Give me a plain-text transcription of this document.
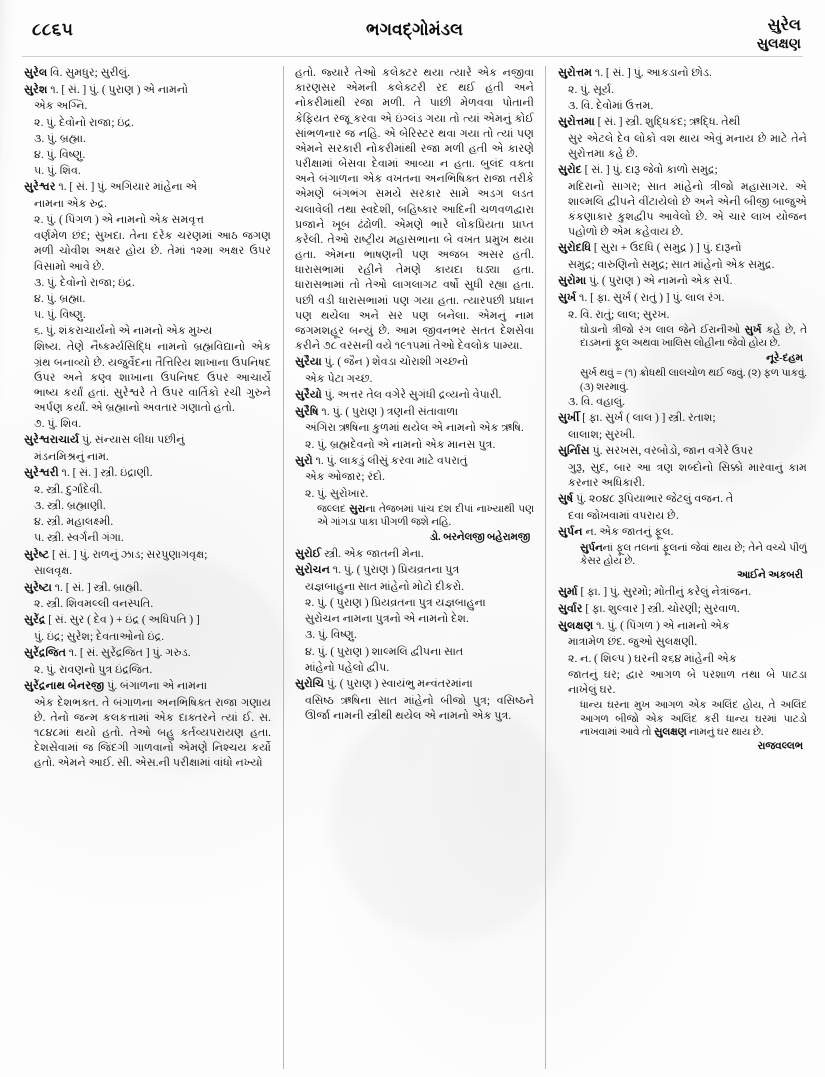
૮૮૬૫	ભગવદ્ગોમંડલ	સુરેલ
સુલક્ષણ

સુરેલ વિ. સુમધુર; સુરીલું.

સુરેશ ૧. [ સં. ] પું. ( પુરાણ ) એ નામનો

એક અગ્નિ.

૨. પું. દેવોનો રાજા; ઇંદ્ર.

૩. પું. બ્રહ્મા.

૪. પું. વિષ્ણુ.

૫. પું. શિવ.

સુરેશ્વર ૧. [ સં. ] પું. અગિયાર માંહેના એ

નામના એક રુદ્ર.

૨. પું. ( પિંગળ ) એ નામનો એક સમવૃત્ત

વર્ણમેળ છંદ; સુખદા. તેના દરેક ચરણમાં આઠ જગણ મળી ચોવીશ અક્ષર હોય છે. તેમાં ૧૨મા અક્ષર ઉપર વિસામો આવે છે.

૩. પું. દેવોનો રાજા; ઇંદ્ર.

૪. પું. બ્રહ્મા.

૫. પું. વિષ્ણુ.

૬. પું. શંકરાચાર્યનો એ નામનો એક મુખ્ય

શિષ્ય. તેણે નૈષ્કર્મ્યસિદ્ધિ નામનો બ્રહ્મવિદ્યાનો એક ગ્રંથ બનાવ્યો છે. યજુર્વેદના તૈત્તિરિય શાખાના ઉપનિષદ ઉપર અને કણ્વ શાખાના ઉપનિષદ ઉપર આચાર્યે ભાષ્ય કર્યાં હતાં. સુરેશ્વરે તે ઉપર વાર્તિકો રચી ગુરુને અર્પણ કર્યાં. એ બ્રહ્માનો અવતાર ગણાતો હતો.

૭. પું. શિવ.

સુરેશ્વરાચાર્ય પું. સંન્યાસ લીધા પછીનું

મંડનમિશ્રનું નામ.

સુરેશ્વરી ૧. [ સં. ] સ્ત્રી. ઇંદ્રાણી.

૨. સ્ત્રી. દુર્ગાદેવી.

૩. સ્ત્રી. બ્રહ્માણી.

૪. સ્ત્રી. મહાલક્ષ્મી.

૫. સ્ત્રી. સ્વર્ગની ગંગા.

સુરેષ્ટ [ સં. ] પું. રાળનું ઝાડ; સરપુણાગવૃક્ષ;

સાલવૃક્ષ.

સુરેષ્ટા ૧. [ સં. ] સ્ત્રી. બ્રાહ્મી.

૨. સ્ત્રી. શિવમલ્લી વનસ્પતિ.

સુરેંદ્ર [ સં. સુર ( દેવ ) + ઇંદ્ર ( અધિપતિ ) ]

પું. ઇંદ્ર; સુરેશ; દેવતાઓનો ઇંદ્ર.

સુરેંદ્રજિત ૧. [ સં. સુરેંદ્રજિત ] પું. ગરુડ.

૨. પું. રાવણનો પુત્ર ઇંદ્રજિત.

સુરેંદ્રનાથ બેનરજી પું. બંગાળના એ નામના

એક દેશભક્ત. તે બંગાળના અનભિષિક્ત રાજા ગણાય છે. તેનો જન્મ કલકત્તામાં એક દાક્તરને ત્યાં ઈ. સ. ૧૮૪૮માં થયો હતો. તેઓ બહુ કર્તવ્યપરાયણ હતા. દેશસેવામાં જ જિંદગી ગાળવાનો એમણે નિશ્ચય કર્યો હતો. એમને આઈ. સી. એસ.ની પરીક્ષામાં વાંધો નખ્યો

હતો. જ્યારે તેઓ કલેક્ટર થયા ત્યારે એક નજીવા કારણસર એમની કલેક્ટરી રદ થઈ હતી અને નોકરીમાંથી રજા મળી. તે પાછી મેળવવા પોતાની કેફિયત રજૂ કરવા એ ઇંગ્લંડ ગયા તો ત્યાં એમનું કોઈ સાંભળનાર જ નહિ. એ બેરિસ્ટર થવા ગયા તો ત્યાં પણ એમને સરકારી નોકરીમાંથી રજા મળી હતી એ કારણે પરીક્ષામાં બેસવા દેવામાં આવ્યા ન હતા. બુલંદ વક્તા અને બંગાળના એક વખતના અનભિષિક્ત રાજા તરીકે એમણે બંગભંગ સમયે સરકાર સામે અડગ લડત ચલાવેલી તથા સ્વદેશી, બહિષ્કાર આદિની ચળવળદ્વારા પ્રજાને ખૂબ ઢંઢોળી. એમણે ભારે લોકપ્રિયતા પ્રાપ્ત કરેલી. તેઓ રાષ્ટ્રીય મહાસભાના બે વખત પ્રમુખ થયા હતા. એમના ભાષણની પણ અજબ અસર હતી. ધારાસભામાં રહીને તેમણે કાયદા ઘડ્યા હતા. ધારાસભામાં તો તેઓ લાગલાગટ વર્ષો સુધી રહ્યા હતા. પછી વડી ધારાસભામાં પણ ગયા હતા. ત્યારપછી પ્રધાન પણ થયેલા અને સર પણ બનેલા. એમનું નામ જગમશહૂર બન્યું છે. આમ જીવનભર સતત દેશસેવા કરીને ૭૮ વરસની વયે ૧૯૧૫માં તેઓ દેવલોક પામ્યા.

સુરૈયા પું. ( જૈન ) શેવડા ચોરાશી ગચ્છનો

એક પેટા ગચ્છ.

સુરૈયો પું. અત્તર તેલ વગેરે સુગંધી દ્રવ્યનો વેપારી.

સુરૈષિ ૧. પું. ( પુરાણ ) ત્રણની સંતાવાળા

અંગિરા ઋષિના કુળમાં થયેલ એ નામનો એક ઋષિ.

૨. પું. બ્રહ્મદેવનો એ નામનો એક માનસ પુત્ર.

સુરો ૧. પું. લાકડું લીસું કરવા માટે વપરાતું

એક ઓજાર; રંદો.

૨. પું. સુરોખાર.

જલ્લદ સુરાના તેજબમાં પાંચ દશ દીપાં નાખ્યાથી પણ એ ગાંગડા પાકા પીગળી જશે નહિ.

ડો. બરનેલજી બહેરામજી

સુરોઈ સ્ત્રી. એક જાતની મેના.

સુરોચન ૧. પું. ( પુરાણ ) પ્રિયવ્રતના પુત્ર

યજ્ઞબાહુના સાત માંહેનો મોટો દીકરો.

૨. પું. ( પુરાણ ) પ્રિયવ્રતના પુત્ર યજ્ઞબાહુના

સુરોચન નામના પુત્રનો એ નામનો દેશ.

૩. પું. વિષ્ણુ.

૪. પું. ( પુરાણ ) શાલ્મલિ દ્વીપના સાત

માંહેનો પહેલો દ્વીપ.

સુરોચિ પું. ( પુરાણ ) સ્વાયંભુ મન્વંતરમાંના

વસિષ્ઠ ઋષિના સાત માંહેનો બીજો પુત્ર; વસિષ્ઠને ઊર્જા નામની સ્ત્રીથી થયેલ એ નામનો એક પુત્ર.

સુરોત્તમ ૧. [ સં. ] પું. આકડાનો છોડ.

૨. પું. સૂર્ય.

૩. વિ. દેવોમાં ઉત્તમ.

સુરોત્તમા [ સં. ] સ્ત્રી. શુદ્ધિકંદ; ઋદ્ધિ. તેથી

સુર એટલે દેવ લોકો વશ થાય એવું મનાય છે માટે તેને સુરોત્તમા કહે છે.

સુરોદ [ સં. ] પું. દારૂ જેવો કાળો સમુદ્ર;

મદિરાનો સાગર; સાત માંહેનો ત્રીજો મહાસાગર. એ શાલ્મલિ દ્વીપને વીંટાયેલો છે અને એની બીજી બાજુએ કંકણાકાર કુશદ્વીપ આવેલો છે. એ ચાર લાખ યોજન પહોળો છે એમ કહેવાય છે.

સુરોદધિ [ સુરા + ઉદધિ ( સમુદ્ર ) ] પું. દારૂનો

સમુદ્ર; વારુણિનો સમુદ્ર; સાત માંહેનો એક સમુદ્ર.

સુરોમા પું. ( પુરાણ ) એ નામનો એક સર્પ.

સુર્ખ ૧. [ ફા. સુર્ખ ( રાતું ) ] પું. લાલ રંગ.

૨. વિ. રાતું; લાલ; સુરખ.

ઘોડાનો ત્રીજો રંગ લાલ જેને ઈરાનીઓ સુર્ખ કહે છે, તે દાડમનાં ફૂલ અથવા ખાલિસ લોહીના જેવો હોય છે.

નૂરે-દહમ

સુર્ખ થવું = (૧) ક્રોધથી લાલચોળ થઈ જવું. (૨) ફળ પાકવું. (૩) શરમાવું.

૩. વિ. વહાલું.

સુર્ખી [ ફા. સુર્ખ ( લાલ ) ] સ્ત્રી. રતાશ;

લાલાશ; સુરખી.

સુર્નાિસ પું. સરખસ, વરબોડો, જાન વગેરે ઉપર

ગુરૂ, સુદ, બાર આ ત્રણ શબ્દોનો સિક્કો મારવાનું કામ કરનાર અધિકારી.

સુર્ષ પું. ૨૦૪૮ રૂપિયાભાર જેટલું વજન. તે

દવા જોખવામાં વપરાય છે.

સુર્પન ન. એક જાતનું ફૂલ.

સુર્પનનાં ફૂલ તલનાં ફૂલનાં જેવાં થાય છે; તેને વચ્ચે પીળું કેસર હોય છે.

આઈને અકબરી

સુર્મા [ ફા. ] પું. સુરમો; મોતીનું કરેલું નેત્રાંજન.

સુર્વાર [ ફા. શુલ્વાર ] સ્ત્રી. ચોરણી; સુરવાળ.

સુલક્ષણ ૧. પું. ( પિંગળ ) એ નામનો એક

માત્રામેળ છંદ. જુઓ સુલક્ષણી.

૨. ન. ( શિલ્પ ) ઘરની ૨૬૪ માંહેની એક

જાતનું ઘર; દ્વાર આગળ બે પરશાળ તથા બે પાટડા નાખેલું ઘર.

ધાન્ય ઘરના મુખ આગળ એક અલિંદ હોય, તે અલિંદ આગળ બીજો એક અલિંદ કરી ધાન્ય ઘરમાં પાટડો નાખવામાં આવે તો સુલક્ષણ નામનું ઘર થાય છે.

રાજવલ્લભ
